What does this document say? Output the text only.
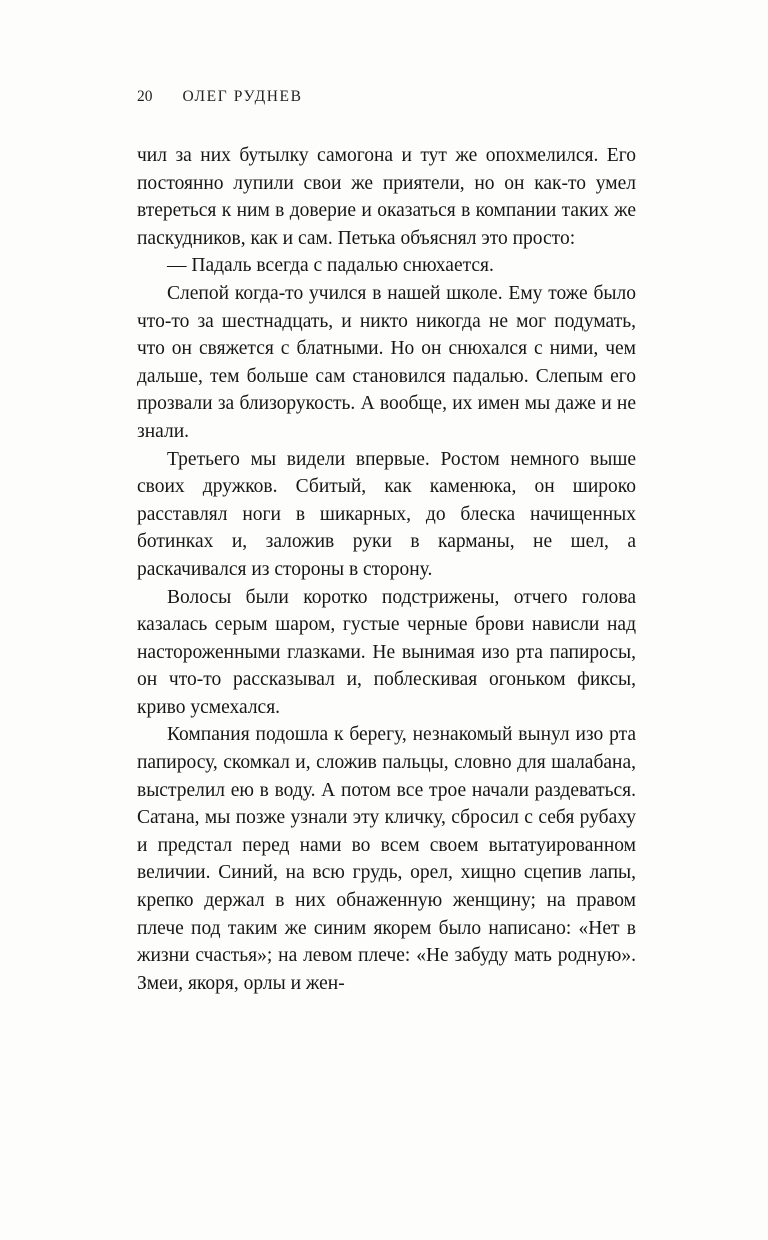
20 ОЛЕГ РУДНЕВ

чил за них бутылку самогона и тут же опохмелился. Его постоянно лупили свои же приятели, но он как-то умел втереться к ним в доверие и оказаться в компании таких же паскудников, как и сам. Петька объяснял это просто:

— Падаль всегда с падалью снюхается.

Слепой когда-то учился в нашей школе. Ему тоже было что-то за шестнадцать, и никто никогда не мог подумать, что он свяжется с блатными. Но он снюхался с ними, чем дальше, тем больше сам становился падалью. Слепым его прозвали за близорукость. А вообще, их имен мы даже и не знали.

Третьего мы видели впервые. Ростом немного выше своих дружков. Сбитый, как каменюка, он широко расставлял ноги в шикарных, до блеска начищенных ботинках и, заложив руки в карманы, не шел, а раскачивался из стороны в сторону.

Волосы были коротко подстрижены, отчего голова казалась серым шаром, густые черные брови нависли над настороженными глазками. Не вынимая изо рта папиросы, он что-то рассказывал и, поблескивая огоньком фиксы, криво усмехался.

Компания подошла к берегу, незнакомый вынул изо рта папиросу, скомкал и, сложив пальцы, словно для шалабана, выстрелил ею в воду. А потом все трое начали раздеваться. Сатана, мы позже узнали эту кличку, сбросил с себя рубаху и предстал перед нами во всем своем вытатуированном величии. Синий, на всю грудь, орел, хищно сцепив лапы, крепко держал в них обнаженную женщину; на правом плече под таким же синим якорем было написано: «Нет в жизни счастья»; на левом плече: «Не забуду мать родную». Змеи, якоря, орлы и жен-
